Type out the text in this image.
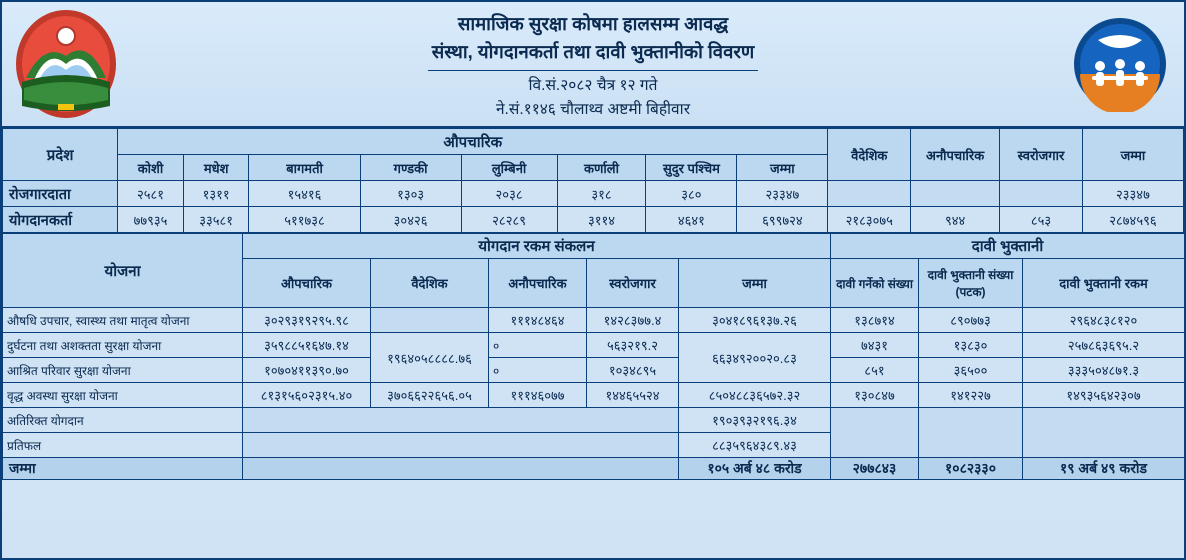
सामाजिक सुरक्षा कोषमा हालसम्म आवद्ध
संस्था, योगदानकर्ता तथा दावी भुक्तानीको विवरण
वि.सं.२०८२ चैत्र १२ गते
ने.सं.११४६ चौलाथ्व अष्टमी बिहीवार
प्रदेश	औपचारिक								वैदेशिक	अनौपचारिक	स्वरोजगार	जम्मा
	कोशी	मधेश	बागमती	गण्डकी	लुम्बिनी	कर्णाली	सुदुर पश्चिम	जम्मा				
रोजगारदाता	२५८१	१३११	१५४१६	१३०३	२०३८	३१८	३८०	२३३४७				२३३४७
योगदानकर्ता	७७९३५	३३५८१	५११७३८	३०४२६	२८२८९	३११४	४६४१	६९९७२४	२१८३०७५	९४४	८५३	२८७४५९६
योजना	योगदान रकम संकलन					दावी भुक्तानी		
	औपचारिक	वैदेशिक	अनौपचारिक	स्वरोजगार	जम्मा	दावी गर्नेको संख्या	दावी भुक्तानी संख्या (पटक)	दावी भुक्तानी रकम
औषधि उपचार, स्वास्थ्य तथा मातृत्व योजना	३०२९३१९२९५.९८		१११४८४६४	१४२८३७७.४	३०४१८९६१३७.२६	१३८७१४	८९०७७३	२९६४८३८१२०
दुर्घटना तथा अशक्तता सुरक्षा योजना	३५९८८५१६४७.१४	१९६४०५८८८८.७६	०	५६३२१९.२	६६३४९२००२०.८३	७४३१	१३८३०	२५७८६३६९५.२
आश्रित परिवार सुरक्षा योजना	१०७०४११३९०.७०		०	१०३४८९५		८५१	३६५००	३३३५०४८७१.३
वृद्ध अवस्था सुरक्षा योजना	८१३१५६०२३१५.४०	३७०६६२२६५६.०५	१११४६०७७	१४४६५५२४	८५०४८८३६५७२.३२	१३०८४७	१४१२२७	१४९३५६४२३०७
अतिरिक्त योगदान					१९०३९३२१९६.३४			
प्रतिफल					८८३५९६४३८९.४३			
जम्मा					१०५ अर्ब ४८ करोड	२७७८४३	१०८२३३०	१९ अर्ब ४९ करोड
